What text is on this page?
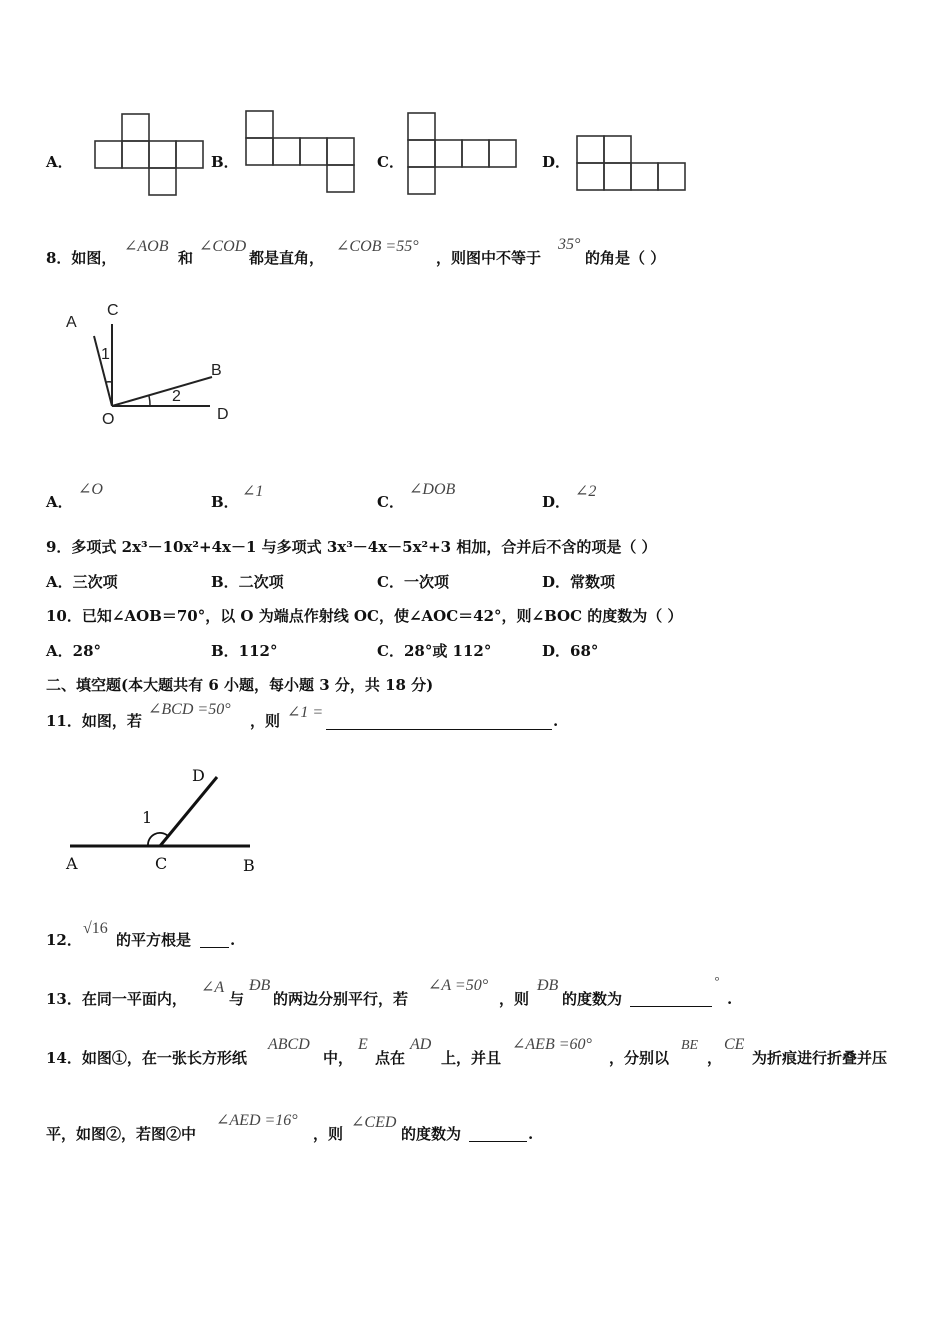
A．	B．	C．	D．
8．如图，
∠AOB
和
∠COD
都是直角，
∠COB =55°
，则图中不等于
35°
的角是（ ）
A
C
1
B
2
O	D
A．
∠O
B．
∠1
C．
∠DOB
D．
∠2
9．多项式 2x³－10x²+4x－1 与多项式 3x³－4x－5x²+3 相加，合并后不含的项是（ ）
A．三次项	B．二次项	C．一次项	D．常数项
10．已知∠AOB＝70°，以 O 为端点作射线 OC，使∠AOC＝42°，则∠BOC 的度数为（ ）
A．28°	B．112°	C．28°或 112°	D．68°
二、填空题(本大题共有 6 小题，每小题 3 分，共 18 分)
11．如图，若
∠BCD =50°
，则 ∠1 =	.
D
1
A	C	B
12．
√16
的平方根是	.
13．在同一平面内，
∠A
与
ÐB
的两边分别平行，若
∠A =50°
，则
ÐB
的度数为
°
.
14．如图①，在一张长方形纸
ABCD
中，
E
点在
AD
上，并且
∠AEB =60°
，分别以
BE
，
CE
为折痕进行折叠并压
平，如图②，若图②中
∠AED =16°
，则
∠CED
的度数为	.
